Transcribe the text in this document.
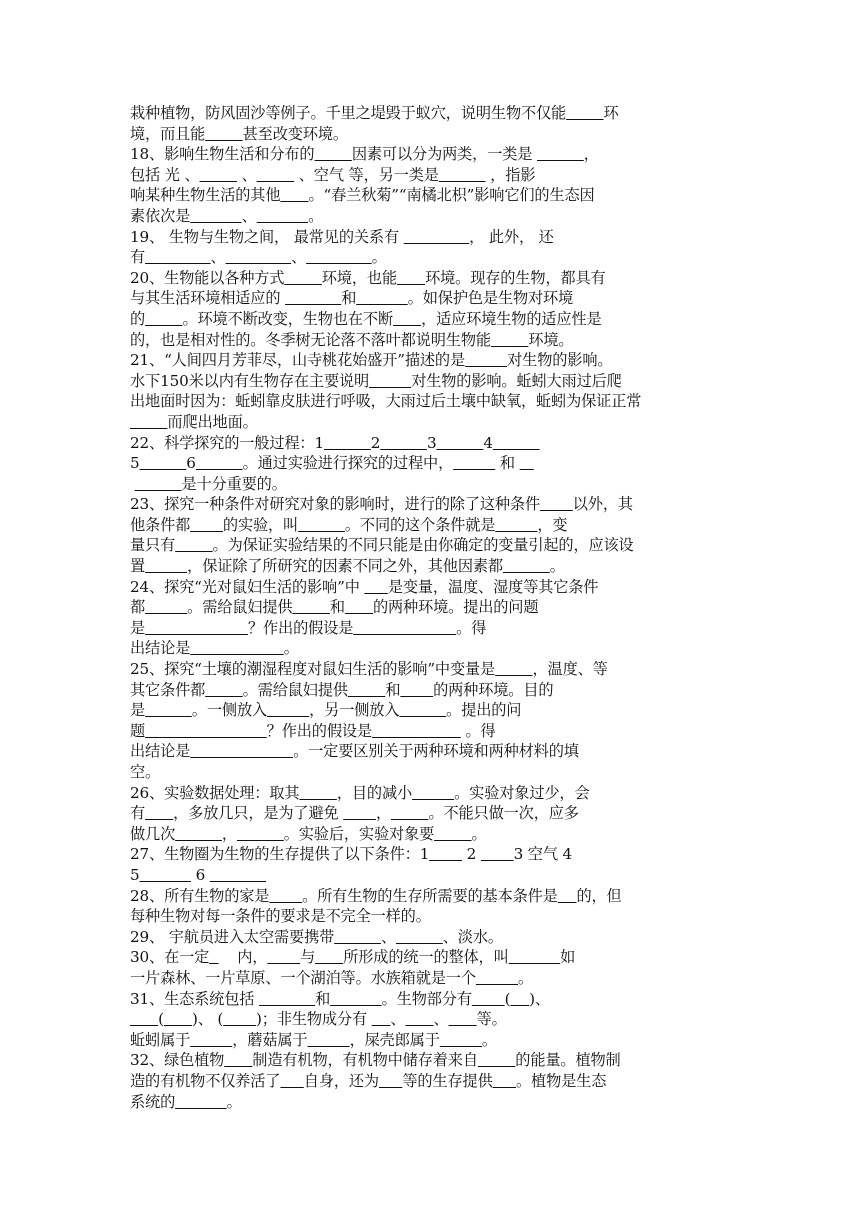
栽种植物，防风固沙等例子。千里之堤毁于蚁穴，说明生物不仅能 环
境，而且能 甚至改变环境。
18、影响生物生活和分布的 因素可以分为两类，一类是	，
包括 光 、         、         、空气 等，另一类是	，指影
响某种生物生活的其他 。“春兰秋菊”“南橘北枳”影响它们的生态因
素依次是	、	。
19、 生物与生物之间， 最常见的关系有	， 此外， 还
有	、	、	。
20、生物能以各种方式 环境，也能 环境。现存的生物，都具有
与其生活环境相适应的	和	。如保护色是生物对环境
的 。环境不断改变，生物也在不断 ，适应环境生物的适应性是
的，也是相对性的。冬季树无论落不落叶都说明生物能 环境。
21、“人间四月芳菲尽，山寺桃花始盛开”描述的是	对生物的影响。
水下150米以内有生物存在主要说明	对生物的影响。蚯蚓大雨过后爬
出地面时因为：蚯蚓靠皮肤进行呼吸，大雨过后土壤中缺氧，蚯蚓为保证正常
而爬出地面。
22、科学探究的一般过程：1	2	3	4
5	6	。通过实验进行探究的过程中，	和
是十分重要的。
23、探究一种条件对研究对象的影响时，进行的除了这种条件 以外，其
他条件都 的实验，叫	。不同的这个条件就是	，变
量只有 。为保证实验结果的不同只能是由你确定的变量引起的，应该设
置	，保证除了所研究的因素不同之外，其他因素都	。
24、探究“光对鼠妇生活的影响”中      是变量，温度、湿度等其它条件
都	。需给鼠妇提供 和 的两种环境。提出的问题
是	？作出的假设是	。得
出结论是	。
25、探究“土壤的潮湿程度对鼠妇生活的影响”中变量是 ，温度、等
其它条件都 。需给鼠妇提供 和 的两种环境。目的
是	。一侧放入	，另一侧放入	。提出的问
题	？作出的假设是	。得
出结论是	。一定要区别关于两种环境和两种材料的填
空。
26、实验数据处理：取其 ，目的减小	。实验对象过少，会
有 ，多放几只，是为了避免        ， 。不能只做一次，应多
做几次	，	。实验后，实验对象要 。
27、生物圈为生物的生存提供了以下条件：1        2        3 空气 4
5	6
28、所有生物的家是 。所有生物的生存所需要的基本条件是 的，但
每种生物对每一条件的要求是不完全一样的。
29、 宇航员进入太空需要携带	、	、淡水。
30、在一定      内， 与 所形成的统一的整体，叫	如
一片森林、一片草原、一个湖泊等。水族箱就是一个	。
31、生态系统包括	和	。生物部分有 ( )、
( )、 ( )；非生物成分有     、 、 等。
蚯蚓属于	，蘑菇属于	，屎壳郎属于	。
32、绿色植物 制造有机物，有机物中储存着来自 的能量。植物制
造的有机物不仅养活了 自身，还为 等的生存提供 。植物是生态
系统的	。
